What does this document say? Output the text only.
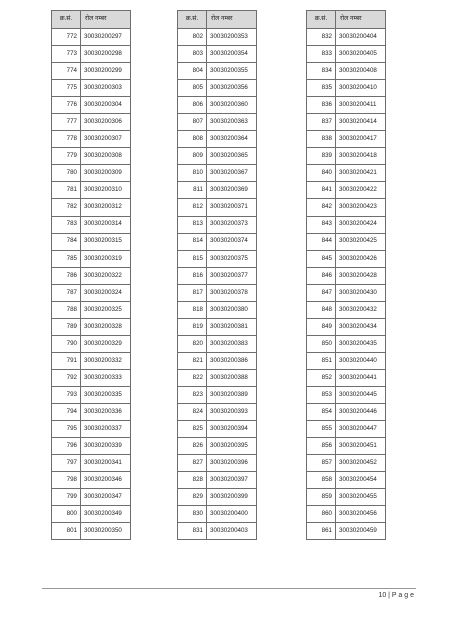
क्र.सं.	रोल नम्बर
772	30030200297
773	30030200298
774	30030200299
775	30030200303
776	30030200304
777	30030200306
778	30030200307
779	30030200308
780	30030200309
781	30030200310
782	30030200312
783	30030200314
784	30030200315
785	30030200319
786	30030200322
787	30030200324
788	30030200325
789	30030200328
790	30030200329
791	30030200332
792	30030200333
793	30030200335
794	30030200336
795	30030200337
796	30030200339
797	30030200341
798	30030200346
799	30030200347
800	30030200349
801	30030200350
क्र.सं.	रोल नम्बर
802	30030200353
803	30030200354
804	30030200355
805	30030200356
806	30030200360
807	30030200363
808	30030200364
809	30030200365
810	30030200367
811	30030200369
812	30030200371
813	30030200373
814	30030200374
815	30030200375
816	30030200377
817	30030200378
818	30030200380
819	30030200381
820	30030200383
821	30030200386
822	30030200388
823	30030200389
824	30030200393
825	30030200394
826	30030200395
827	30030200396
828	30030200397
829	30030200399
830	30030200400
831	30030200403
क्र.सं.	रोल नम्बर
832	30030200404
833	30030200405
834	30030200408
835	30030200410
836	30030200411
837	30030200414
838	30030200417
839	30030200418
840	30030200421
841	30030200422
842	30030200423
843	30030200424
844	30030200425
845	30030200426
846	30030200428
847	30030200430
848	30030200432
849	30030200434
850	30030200435
851	30030200440
852	30030200441
853	30030200445
854	30030200446
855	30030200447
856	30030200451
857	30030200452
858	30030200454
859	30030200455
860	30030200456
861	30030200459
10 | P a g e
